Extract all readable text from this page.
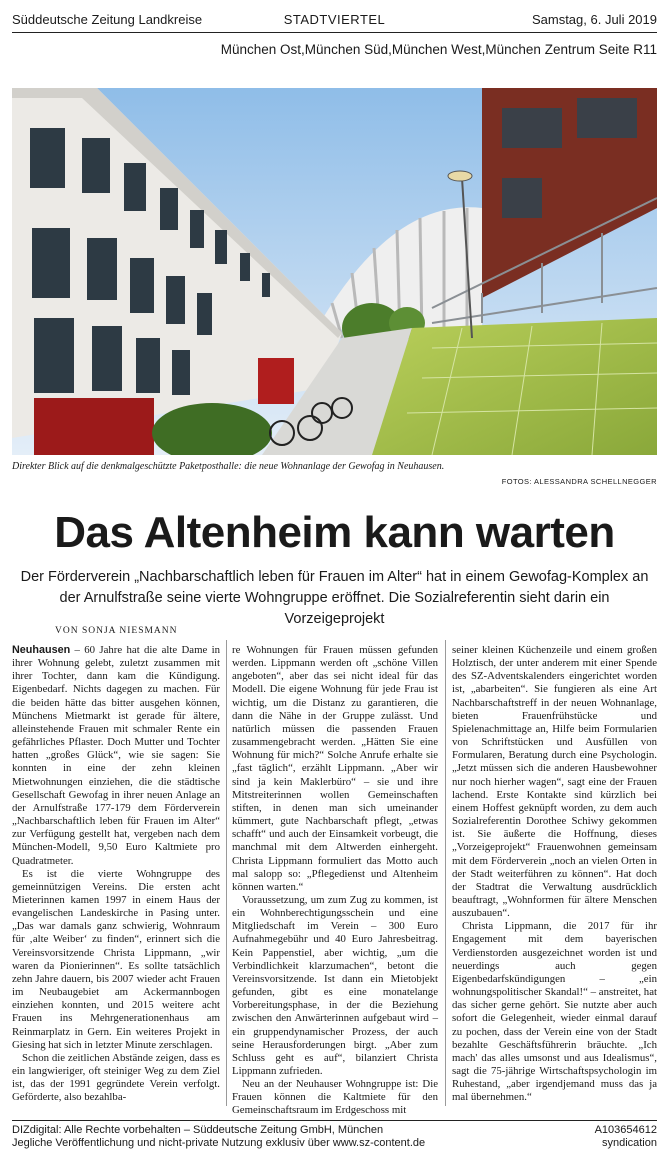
Süddeutsche Zeitung Landkreise	STADTVIERTEL	Samstag, 6. Juli 2019
München Ost,München Süd,München West,München Zentrum Seite R11
Direkter Blick auf die denkmalgeschützte Paketposthalle: die neue Wohnanlage der Gewofag in Neuhausen.
FOTOS: ALESSANDRA SCHELLNEGGER
Das Altenheim kann warten
Der Förderverein „Nachbarschaftlich leben für Frauen im Alter“ hat in einem Gewofag-Komplex an der Arnulfstraße seine vierte Wohngruppe eröffnet. Die Sozialreferentin sieht darin ein Vorzeigeprojekt
VON SONJA NIESMANN

Neuhausen – 60 Jahre hat die alte Dame in ihrer Wohnung gelebt, zuletzt zusammen mit ihrer Tochter, dann kam die Kündigung. Eigenbedarf. Nichts dagegen zu machen. Für die beiden hätte das bitter ausgehen können, Münchens Mietmarkt ist gerade für ältere, alleinstehende Frauen mit schmaler Rente ein gefährliches Pflaster. Doch Mutter und Tochter hatten „großes Glück“, wie sie sagen: Sie konnten in eine der zehn kleinen Mietwohnungen einziehen, die die städtische Gesellschaft Gewofag in ihrer neuen Anlage an der Arnulfstraße 177-179 dem Förderverein „Nachbarschaftlich leben für Frauen im Alter“ zur Verfügung gestellt hat, vergeben nach dem München-Modell, 9,50 Euro Kaltmiete pro Quadratmeter.

Es ist die vierte Wohngruppe des gemeinnützigen Vereins. Die ersten acht Mieterinnen kamen 1997 in einem Haus der evangelischen Landeskirche in Pasing unter. „Das war damals ganz schwierig, Wohnraum für ‚alte Weiber‘ zu finden“, erinnert sich die Vereinsvorsitzende Christa Lippmann, „wir waren da Pionierinnen“. Es sollte tatsächlich zehn Jahre dauern, bis 2007 wieder acht Frauen im Neubaugebiet am Ackermannbogen einziehen konnten, und 2015 weitere acht Frauen ins Mehrgenerationenhaus am Reinmarplatz in Gern. Ein weiteres Projekt in Giesing hat sich in letzter Minute zerschlagen.

Schon die zeitlichen Abstände zeigen, dass es ein langwieriger, oft steiniger Weg zu dem Ziel ist, das der 1991 gegründete Verein verfolgt. Geförderte, also bezahlba-

re Wohnungen für Frauen müssen gefunden werden. Lippmann werden oft „schöne Villen angeboten“, aber das sei nicht ideal für das Modell. Die eigene Wohnung für jede Frau ist wichtig, um die Distanz zu garantieren, die dann die Nähe in der Gruppe zulässt. Und natürlich müssen die passenden Frauen zusammengebracht werden. „Hätten Sie eine Wohnung für mich?“ Solche Anrufe erhalte sie „fast täglich“, erzählt Lippmann. „Aber wir sind ja kein Maklerbüro“ – sie und ihre Mitstreiterinnen wollen Gemeinschaften stiften, in denen man sich umeinander kümmert, gute Nachbarschaft pflegt, „etwas schafft“ und auch der Einsamkeit vorbeugt, die manchmal mit dem Altwerden einhergeht. Christa Lippmann formuliert das Motto auch mal salopp so: „Pflegedienst und Altenheim können warten.“

Voraussetzung, um zum Zug zu kommen, ist ein Wohnberechtigungsschein und eine Mitgliedschaft im Verein – 300 Euro Aufnahmegebühr und 40 Euro Jahresbeitrag. Kein Pappenstiel, aber wichtig, „um die Verbindlichkeit klarzumachen“, betont die Vereinsvorsitzende. Ist dann ein Mietobjekt gefunden, gibt es eine monatelange Vorbereitungsphase, in der die Beziehung zwischen den Anwärterinnen aufgebaut wird – ein gruppendynamischer Prozess, der auch seine Herausforderungen birgt. „Aber zum Schluss geht es auf“, bilanziert Christa Lippmann zufrieden.

Neu an der Neuhauser Wohngruppe ist: Die Frauen können die Kaltmiete für den Gemeinschaftsraum im Erdgeschoss mit

seiner kleinen Küchenzeile und einem großen Holztisch, der unter anderem mit einer Spende des SZ-Adventskalenders eingerichtet worden ist, „abarbeiten“. Sie fungieren als eine Art Nachbarschaftstreff in der neuen Wohnanlage, bieten Frauenfrühstücke und Spielenachmittage an, Hilfe beim Formularien von Schriftstücken und Ausfüllen von Formularen, Beratung durch eine Psychologin. „Jetzt müssen sich die anderen Hausbewohner nur noch hierher wagen“, sagt eine der Frauen lachend. Erste Kontakte sind kürzlich bei einem Hoffest geknüpft worden, zu dem auch Sozialreferentin Dorothee Schiwy gekommen ist. Sie äußerte die Hoffnung, dieses „Vorzeigeprojekt“ Frauenwohnen gemeinsam mit dem Förderverein „noch an vielen Orten in der Stadt weiterführen zu können“. Hat doch der Stadtrat die Verwaltung ausdrücklich beauftragt, „Wohnformen für ältere Menschen auszubauen“.

Christa Lippmann, die 2017 für ihr Engagement mit dem bayerischen Verdienstorden ausgezeichnet worden ist und neuerdings auch gegen Eigenbedarfskündigungen – „ein wohnungspolitischer Skandal!“ – anstreitet, hat das sicher gerne gehört. Sie nutzte aber auch sofort die Gelegenheit, wieder einmal darauf zu pochen, dass der Verein eine von der Stadt bezahlte Geschäftsführerin bräuchte. „Ich mach' das alles umsonst und aus Idealismus“, sagt die 75-jährige Wirtschaftspsychologin im Ruhestand, „aber irgendjemand muss das ja mal übernehmen.“

DIZdigital: Alle Rechte vorbehalten – Süddeutsche Zeitung GmbH, München
Jegliche Veröffentlichung und nicht-private Nutzung exklusiv über www.sz-content.de
A103654612
syndication
